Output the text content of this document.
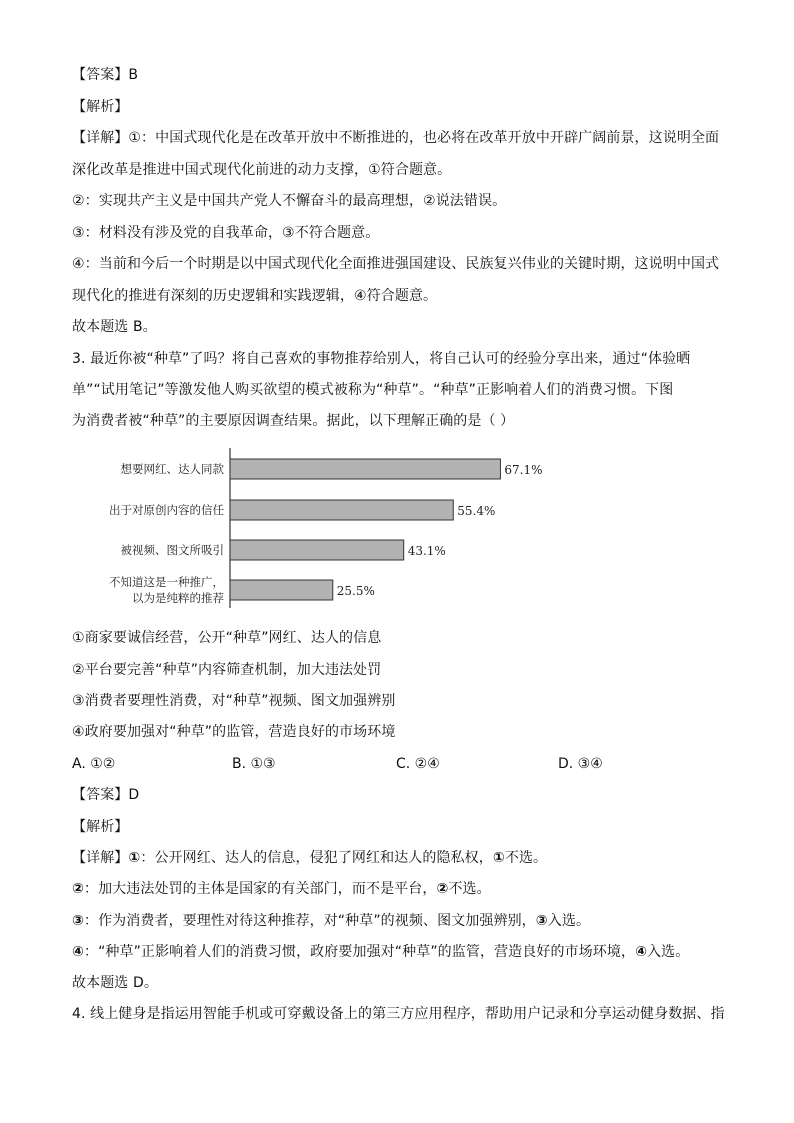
【答案】B
【解析】
【详解】①：中国式现代化是在改革开放中不断推进的，也必将在改革开放中开辟广阔前景，这说明全面
深化改革是推进中国式现代化前进的动力支撑，①符合题意。
②：实现共产主义是中国共产党人不懈奋斗的最高理想，②说法错误。
③：材料没有涉及党的自我革命，③不符合题意。
④：当前和今后一个时期是以中国式现代化全面推进强国建设、民族复兴伟业的关键时期，这说明中国式
现代化的推进有深刻的历史逻辑和实践逻辑，④符合题意。
故本题选 B。
3. 最近你被“种草”了吗？将自己喜欢的事物推荐给别人，将自己认可的经验分享出来，通过“体验晒
单”“试用笔记”等激发他人购买欲望的模式被称为“种草”。“种草”正影响着人们的消费习惯。下图
为消费者被“种草”的主要原因调查结果。据此，以下理解正确的是（ ）
67.1%
想要网红、达人同款
55.4%
出于对原创内容的信任
43.1%
被视频、图文所吸引
25.5%
不知道这是一种推广，
以为是纯粹的推荐
①商家要诚信经营，公开“种草”网红、达人的信息
②平台要完善“种草”内容筛查机制，加大违法处罚
③消费者要理性消费，对“种草”视频、图文加强辨别
④政府要加强对“种草”的监管，营造良好的市场环境
A. ①②	B. ①③	C. ②④	D. ③④
【答案】D
【解析】
【详解】①：公开网红、达人的信息，侵犯了网红和达人的隐私权，①不选。
②：加大违法处罚的主体是国家的有关部门，而不是平台，②不选。
③：作为消费者，要理性对待这种推荐，对“种草”的视频、图文加强辨别，③入选。
④：“种草”正影响着人们的消费习惯，政府要加强对“种草”的监管，营造良好的市场环境，④入选。
故本题选 D。
4. 线上健身是指运用智能手机或可穿戴设备上的第三方应用程序，帮助用户记录和分享运动健身数据、指
